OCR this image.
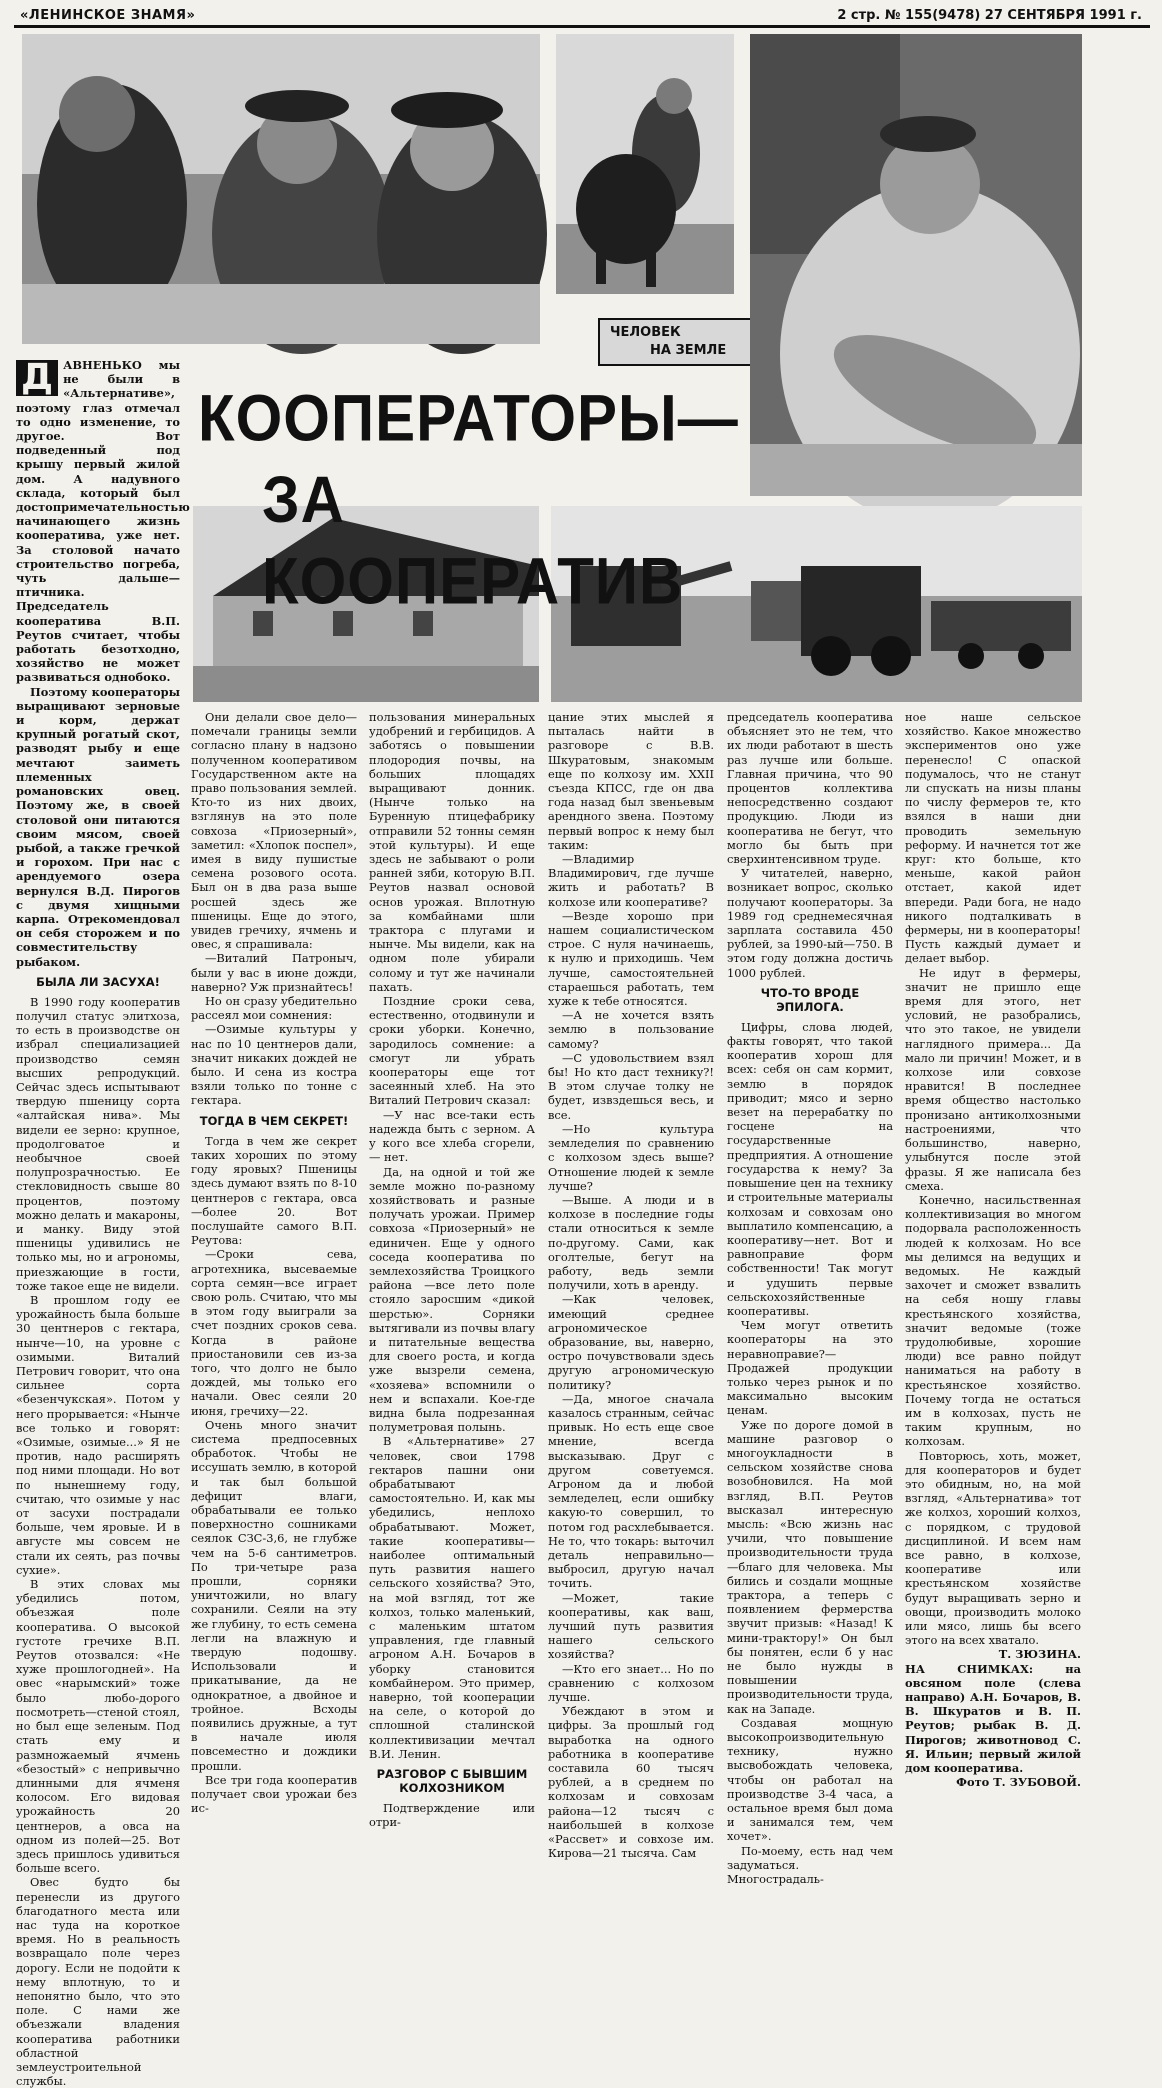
«ЛЕНИНСКОЕ ЗНАМЯ»	2 стр. № 155(9478) 27 СЕНТЯБРЯ 1991 г.
ЧЕЛОВЕК
НА ЗЕМЛЕ
КООПЕРАТОРЫ—
ЗА КООПЕРАТИВ
Д АВНЕНЬКО мы не были в «Альтернативе», поэтому глаз отмечал то одно изменение, то другое. Вот подведенный под крышу первый жилой дом. А надувного склада, который был достопримечательностью начинающего жизнь кооператива, уже нет. За столовой начато строительство погреба, чуть дальше—птичника. Председатель кооператива В.П. Реутов считает, чтобы работать безотходно, хозяйство не может развиваться однобоко.

Поэтому кооператоры выращивают зерновые и корм, держат крупный рогатый скот, разводят рыбу и еще мечтают заиметь племенных романовских овец. Поэтому же, в своей столовой они питаются своим мясом, своей рыбой, а также гречкой и горохом. При нас с арендуемого озера вернулся В.Д. Пирогов с двумя хищными карпа. Отрекомендовал он себя сторожем и по совместительству рыбаком.

БЫЛА ЛИ ЗАСУХА!

В 1990 году кооператив получил статус элитхоза, то есть в производстве он избрал специализацией производство семян высших репродукций. Сейчас здесь испытывают твердую пшеницу сорта «алтайская нива». Мы видели ее зерно: крупное, продолговатое и необычное своей полупрозрачностью. Ее стекловидность свыше 80 процентов, поэтому можно делать и макароны, и манку. Виду этой пшеницы удивились не только мы, но и агрономы, приезжающие в гости, тоже такое еще не видели.

В прошлом году ее урожайность была больше 30 центнеров с гектара, нынче—10, на уровне с озимыми. Виталий Петрович говорит, что она сильнее сорта «безенчукская». Потом у него прорывается: «Нынче все только и говорят: «Озимые, озимые...» Я не против, надо расширять под ними площади. Но вот по нынешнему году, считаю, что озимые у нас от засухи пострадали больше, чем яровые. И в августе мы совсем не стали их сеять, раз почвы сухие».

В этих словах мы убедились потом, объезжая поле кооператива. О высокой густоте гречихе В.П. Реутов отозвался: «Не хуже прошлогодней». На овес «нарымский» тоже было любо-дорого посмотреть—стеной стоял, но был еще зеленым. Под стать ему и размножаемый ячмень «безостый» с непривычно длинными для ячменя колосом. Его видовая урожайность 20 центнеров, а овса на одном из полей—25. Вот здесь пришлось удивиться больше всего.

Овес будто бы перенесли из другого благодатного места или нас туда на короткое время. Но в реальность возвращало поле через дорогу. Если не подойти к нему вплотную, то и непонятно было, что это поле. С нами же объезжали владения кооператива работники областной землеустроительной службы.

Они делали свое дело—помечали границы земли согласно плану в надзоно полученном кооперативом Государственном акте на право пользования землей. Кто-то из них двоих, взглянув на это поле совхоза «Приозерный», заметил: «Хлопок поспел», имея в виду пушистые семена розового осота. Был он в два раза выше росшей здесь же пшеницы. Еще до этого, увидев гречиху, ячмень и овес, я спрашивала:

—Виталий Патроныч, были у вас в июне дожди, наверно? Уж признайтесь!

Но он сразу убедительно рассеял мои сомнения:

—Озимые культуры у нас по 10 центнеров дали, значит никаких дождей не было. И сена из костра взяли только по тонне с гектара.

ТОГДА В ЧЕМ СЕКРЕТ!

Тогда в чем же секрет таких хороших по этому году яровых? Пшеницы здесь думают взять по 8-10 центнеров с гектара, овса—более 20. Вот послушайте самого В.П. Реутова:

—Сроки сева, агротехника, высеваемые сорта семян—все играет свою роль. Считаю, что мы в этом году выиграли за счет поздних сроков сева. Когда в районе приостановили сев из-за того, что долго не было дождей, мы только его начали. Овес сеяли 20 июня, гречиху—22.

Очень много значит система предпосевных обработок. Чтобы не иссушать землю, в которой и так был большой дефицит влаги, обрабатывали ее только поверхностно сошниками сеялок СЗС-3,6, не глубже чем на 5-6 сантиметров. По три-четыре раза прошли, сорняки уничтожили, но влагу сохранили. Сеяли на эту же глубину, то есть семена легли на влажную и твердую подошву. Использовали и прикатывание, да не однократное, а двойное и тройное. Всходы появились дружные, а тут в начале июля повсеместно и дождики прошли.

Все три года кооператив получает свои урожаи без ис-

пользования минеральных удобрений и гербицидов. А заботясь о повышении плодородия почвы, на больших площадях выращивают донник. (Нынче только на Буренную птицефабрику отправили 52 тонны семян этой культуры). И еще здесь не забывают о роли ранней зяби, которую В.П. Реутов назвал основой основ урожая. Вплотную за комбайнами шли трактора с плугами и нынче. Мы видели, как на одном поле убирали солому и тут же начинали пахать.

Поздние сроки сева, естественно, отодвинули и сроки уборки. Конечно, зародилось сомнение: а смогут ли убрать кооператоры еще тот засеянный хлеб. На это Виталий Петрович сказал:

—У нас все-таки есть надежда быть с зерном. А у кого все хлеба сгорели, — нет.

Да, на одной и той же земле можно по-разному хозяйствовать и разные получать урожаи. Пример совхоза «Приозерный» не единичен. Еще у одного соседа кооператива по землехозяйства Троицкого района —все лето поле стояло заросшим «дикой шерстью». Сорняки вытягивали из почвы влагу и питательные вещества для своего роста, и когда уже вызрели семена, «хозяева» вспомнили о нем и вспахали. Кое-где видна была подрезанная полуметровая полынь.

В «Альтернативе» 27 человек, свои 1798 гектаров пашни они обрабатывают самостоятельно. И, как мы убедились, неплохо обрабатывают. Может, такие кооперативы—наиболее оптимальный путь развития нашего сельского хозяйства? Это, на мой взгляд, тот же колхоз, только маленький, с маленьким штатом управления, где главный агроном А.Н. Бочаров в уборку становится комбайнером. Это пример, наверно, той кооперации на селе, о которой до сплошной сталинской коллективизации мечтал В.И. Ленин.

РАЗГОВОР С БЫВШИМ КОЛХОЗНИКОМ

Подтверждение или отри-

цание этих мыслей я пыталась найти в разговоре с В.В. Шкуратовым, знакомым еще по колхозу им. XXII съезда КПСС, где он два года назад был звеньевым арендного звена. Поэтому первый вопрос к нему был таким:

—Владимир Владимирович, где лучше жить и работать? В колхозе или кооперативе?

—Везде хорошо при нашем социалистическом строе. С нуля начинаешь, к нулю и приходишь. Чем лучше, самостоятельней стараешься работать, тем хуже к тебе относятся.

—А не хочется взять землю в пользование самому?

—С удовольствием взял бы! Но кто даст технику?! В этом случае толку не будет, извздешься весь, и все.

—Но культура земледелия по сравнению с колхозом здесь выше? Отношение людей к земле лучше?

—Выше. А люди и в колхозе в последние годы стали относиться к земле по-другому. Сами, как оголтелые, бегут на работу, ведь земли получили, хоть в аренду.

—Как человек, имеющий среднее агрономическое образование, вы, наверно, остро почувствовали здесь другую агрономическую политику?

—Да, многое сначала казалось странным, сейчас привык. Но есть еще свое мнение, всегда высказываю. Друг с другом советуемся. Агроном да и любой земледелец, если ошибку какую-то совершил, то потом год расхлебывается. Не то, что токарь: выточил деталь неправильно—выбросил, другую начал точить.

—Может, такие кооперативы, как ваш, лучший путь развития нашего сельского хозяйства?

—Кто его знает... Но по сравнению с колхозом лучше.

Убеждают в этом и цифры. За прошлый год выработка на одного работника в кооперативе составила 60 тысяч рублей, а в среднем по колхозам и совхозам района—12 тысяч с наибольшей в колхозе «Рассвет» и совхозе им. Кирова—21 тысяча. Сам

председатель кооператива объясняет это не тем, что их люди работают в шесть раз лучше или больше. Главная причина, что 90 процентов коллектива непосредственно создают продукцию. Люди из кооператива не бегут, что могло бы быть при сверхинтенсивном труде.

У читателей, наверно, возникает вопрос, сколько получают кооператоры. За 1989 год среднемесячная зарплата составила 450 рублей, за 1990-ый—750. В этом году должна достичь 1000 рублей.

ЧТО-ТО ВРОДЕ ЭПИЛОГА.

Цифры, слова людей, факты говорят, что такой кооператив хорош для всех: себя он сам кормит, землю в порядок приводит; мясо и зерно везет на перерабатку по госцене на государственные предприятия. А отношение государства к нему? За повышение цен на технику и строительные материалы колхозам и совхозам оно выплатило компенсацию, а кооперативу—нет. Вот и равноправие форм собственности! Так могут и удушить первые сельскохозяйственные кооперативы.

Чем могут ответить кооператоры на это неравноправие?—Продажей продукции только через рынок и по максимально высоким ценам.

Уже по дороге домой в машине разговор о многоукладности в сельском хозяйстве снова возобновился. На мой взгляд, В.П. Реутов высказал интересную мысль: «Всю жизнь нас учили, что повышение производительности труда—благо для человека. Мы бились и создали мощные трактора, а теперь с появлением фермерства звучит призыв: «Назад! К мини-трактору!» Он был бы понятен, если б у нас не было нужды в повышении производительности труда, как на Западе.

Создавая мощную высокопроизводительную технику, нужно высвобождать человека, чтобы он работал на производстве 3-4 часа, а остальное время был дома и занимался тем, чем хочет».

По-моему, есть над чем задуматься. Многострадаль-

ное наше сельское хозяйство. Какое множество экспериментов оно уже перенесло! С опаской подумалось, что не станут ли спускать на низы планы по числу фермеров те, кто взялся в наши дни проводить земельную реформу. И начнется тот же круг: кто больше, кто меньше, какой район отстает, какой идет впереди. Ради бога, не надо никого подталкивать в фермеры, ни в кооператоры! Пусть каждый думает и делает выбор.

Не идут в фермеры, значит не пришло еще время для этого, нет условий, не разобрались, что это такое, не увидели наглядного примера... Да мало ли причин! Может, и в колхозе или совхозе нравится! В последнее время общество настолько пронизано антиколхозными настроениями, что большинство, наверно, улыбнутся после этой фразы. Я же написала без смеха.

Конечно, насильственная коллективизация во многом подорвала расположенность людей к колхозам. Но все мы делимся на ведущих и ведомых. Не каждый захочет и сможет взвалить на себя ношу главы крестьянского хозяйства, значит ведомые (тоже трудолюбивые, хорошие люди) все равно пойдут наниматься на работу в крестьянское хозяйство. Почему тогда не остаться им в колхозах, пусть не таким крупным, но колхозам.

Повторюсь, хоть, может, для кооператоров и будет это обидным, но, на мой взгляд, «Альтернатива» тот же колхоз, хороший колхоз, с порядком, с трудовой дисциплиной. И всем нам все равно, в колхозе, кооперативе или крестьянском хозяйстве будут выращивать зерно и овощи, производить молоко или мясо, лишь бы всего этого на всех хватало.

Т. ЗЮЗИНА.

НА СНИМКАХ:	на овсяном поле (слева направо) А.Н. Бочаров, В. В. Шкуратов и В. П. Реутов; рыбак В. Д. Пирогов; животновод С. Я. Ильин; первый жилой дом кооператива.

Фото Т. ЗУБОВОЙ.
